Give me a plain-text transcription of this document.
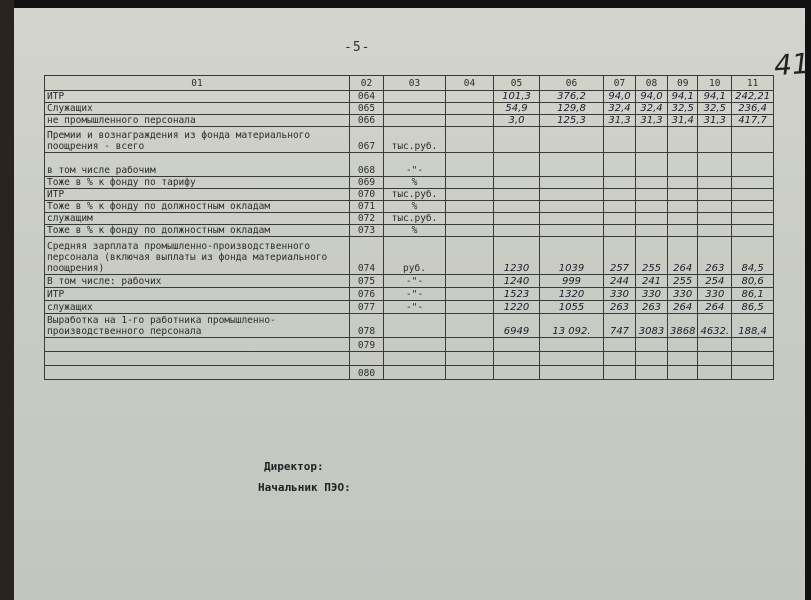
-5-	41
01	02	03	04	05	06	07	08	09	10	11
ИТР	064			101,3	376,2	94,0	94,0	94,1	94,1	242,21
Служащих	065			54,9	129,8	32,4	32,4	32,5	32,5	236,4
не промышленного персонала	066			3,0	125,3	31,3	31,3	31,4	31,3	417,7
Премии и вознаграждения из фонда материального поощрения - всего	067	тыс.руб.								
в том числе рабочим	068	-"-								
Тоже в % к фонду по тарифу	069	%								
ИТР	070	тыс.руб.								
Тоже в % к фонду по должностным окладам	071	%								
служащим	072	тыс.руб.								
Тоже в % к фонду по должностным окладам	073	%								
Средняя зарплата промышленно-производственного персонала (включая выплаты из фонда материального поощрения)	074	руб.		1230	1039	257	255	264	263	84,5
В том числе: рабочих	075	-"-		1240	999	244	241	255	254	80,6
ИТР	076	-"-		1523	1320	330	330	330	330	86,1
служащих	077	-"-		1220	1055	263	263	264	264	86,5
Выработка на 1-го работника промышленно-производственного персонала	078			6949	13 092.	747	3083	3868	4632.	188,4
	079									

	080									
Директор:
Начальник ПЭО:
